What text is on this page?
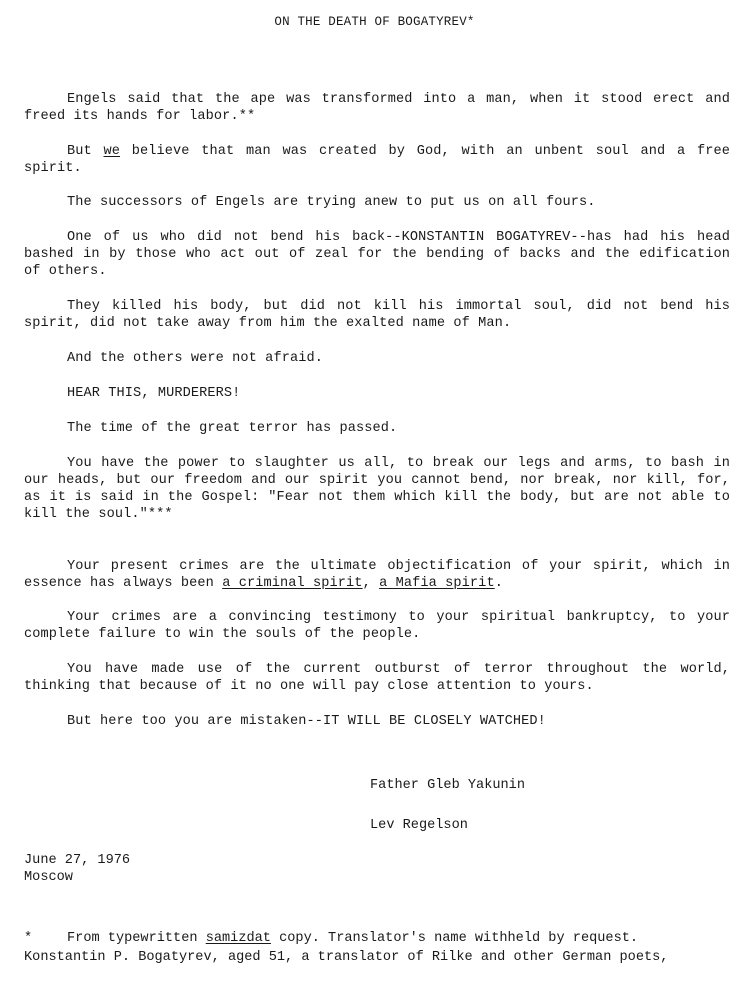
ON THE DEATH OF BOGATYREV*

Engels said that the ape was transformed into a man, when it stood erect and freed its hands for labor.**

But we believe that man was created by God, with an unbent soul and a free spirit.

The successors of Engels are trying anew to put us on all fours.

One of us who did not bend his back--KONSTANTIN BOGATYREV--has had his head bashed in by those who act out of zeal for the bending of backs and the edification of others.

They killed his body, but did not kill his immortal soul, did not bend his spirit, did not take away from him the exalted name of Man.

And the others were not afraid.

HEAR THIS, MURDERERS!

The time of the great terror has passed.

You have the power to slaughter us all, to break our legs and arms, to bash in our heads, but our freedom and our spirit you cannot bend, nor break, nor kill, for, as it is said in the Gospel: "Fear not them which kill the body, but are not able to kill the soul."***

Your present crimes are the ultimate objectification of your spirit, which in essence has always been a criminal spirit, a Mafia spirit.

Your crimes are a convincing testimony to your spiritual bankruptcy, to your complete failure to win the souls of the people.

You have made use of the current outburst of terror throughout the world, thinking that because of it no one will pay close attention to yours.

But here too you are mistaken--IT WILL BE CLOSELY WATCHED!

Father Gleb Yakunin
Lev Regelson
June 27, 1976
Moscow
*	From typewritten samizdat copy. Translator's name withheld by request.
Konstantin P. Bogatyrev, aged 51, a translator of Rilke and other German poets,
